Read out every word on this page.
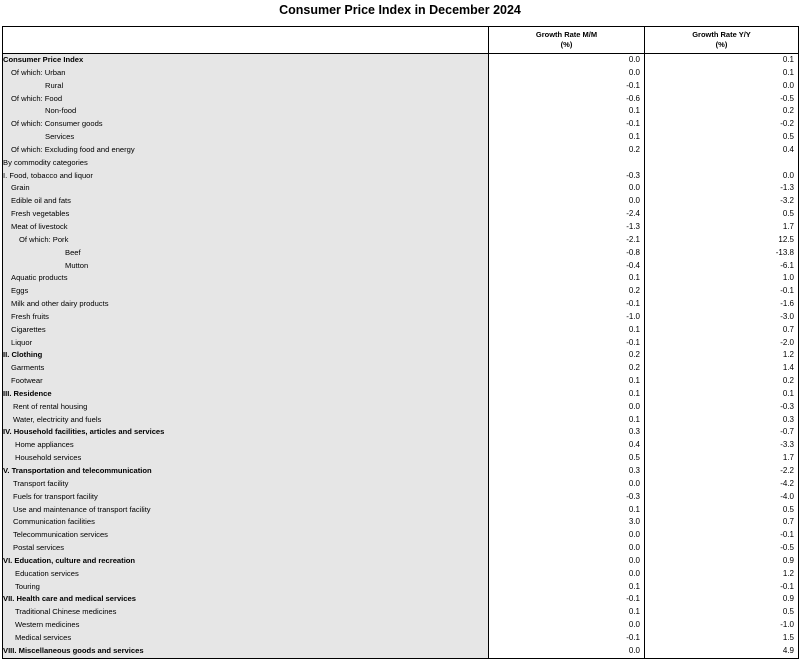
Consumer Price Index in December 2024
Growth Rate M/M
(%)
Growth Rate Y/Y
(%)
Consumer Price Index	0.0	0.1
Of which: Urban	0.0	0.1
Rural	-0.1	0.0
Of which: Food	-0.6	-0.5
Non-food	0.1	0.2
Of which: Consumer goods	-0.1	-0.2
Services	0.1	0.5
Of which: Excluding food and energy	0.2	0.4
By commodity categories
I. Food, tobacco and liquor	-0.3	0.0
Grain	0.0	-1.3
Edible oil and fats	0.0	-3.2
Fresh vegetables	-2.4	0.5
Meat of livestock	-1.3	1.7
Of which: Pork	-2.1	12.5
Beef	-0.8	-13.8
Mutton	-0.4	-6.1
Aquatic products	0.1	1.0
Eggs	0.2	-0.1
Milk and other dairy products	-0.1	-1.6
Fresh fruits	-1.0	-3.0
Cigarettes	0.1	0.7
Liquor	-0.1	-2.0
II. Clothing	0.2	1.2
Garments	0.2	1.4
Footwear	0.1	0.2
III. Residence	0.1	0.1
Rent of rental housing	0.0	-0.3
Water, electricity and fuels	0.1	0.3
IV. Household facilities, articles and services	0.3	-0.7
Home appliances	0.4	-3.3
Household services	0.5	1.7
V. Transportation and telecommunication	0.3	-2.2
Transport facility	0.0	-4.2
Fuels for transport facility	-0.3	-4.0
Use and maintenance of transport facility	0.1	0.5
Communication facilities	3.0	0.7
Telecommunication services	0.0	-0.1
Postal services	0.0	-0.5
VI. Education, culture and recreation	0.0	0.9
Education services	0.0	1.2
Touring	0.1	-0.1
VII. Health care and medical services	-0.1	0.9
Traditional Chinese medicines	0.1	0.5
Western medicines	0.0	-1.0
Medical services	-0.1	1.5
VIII. Miscellaneous goods and services	0.0	4.9
